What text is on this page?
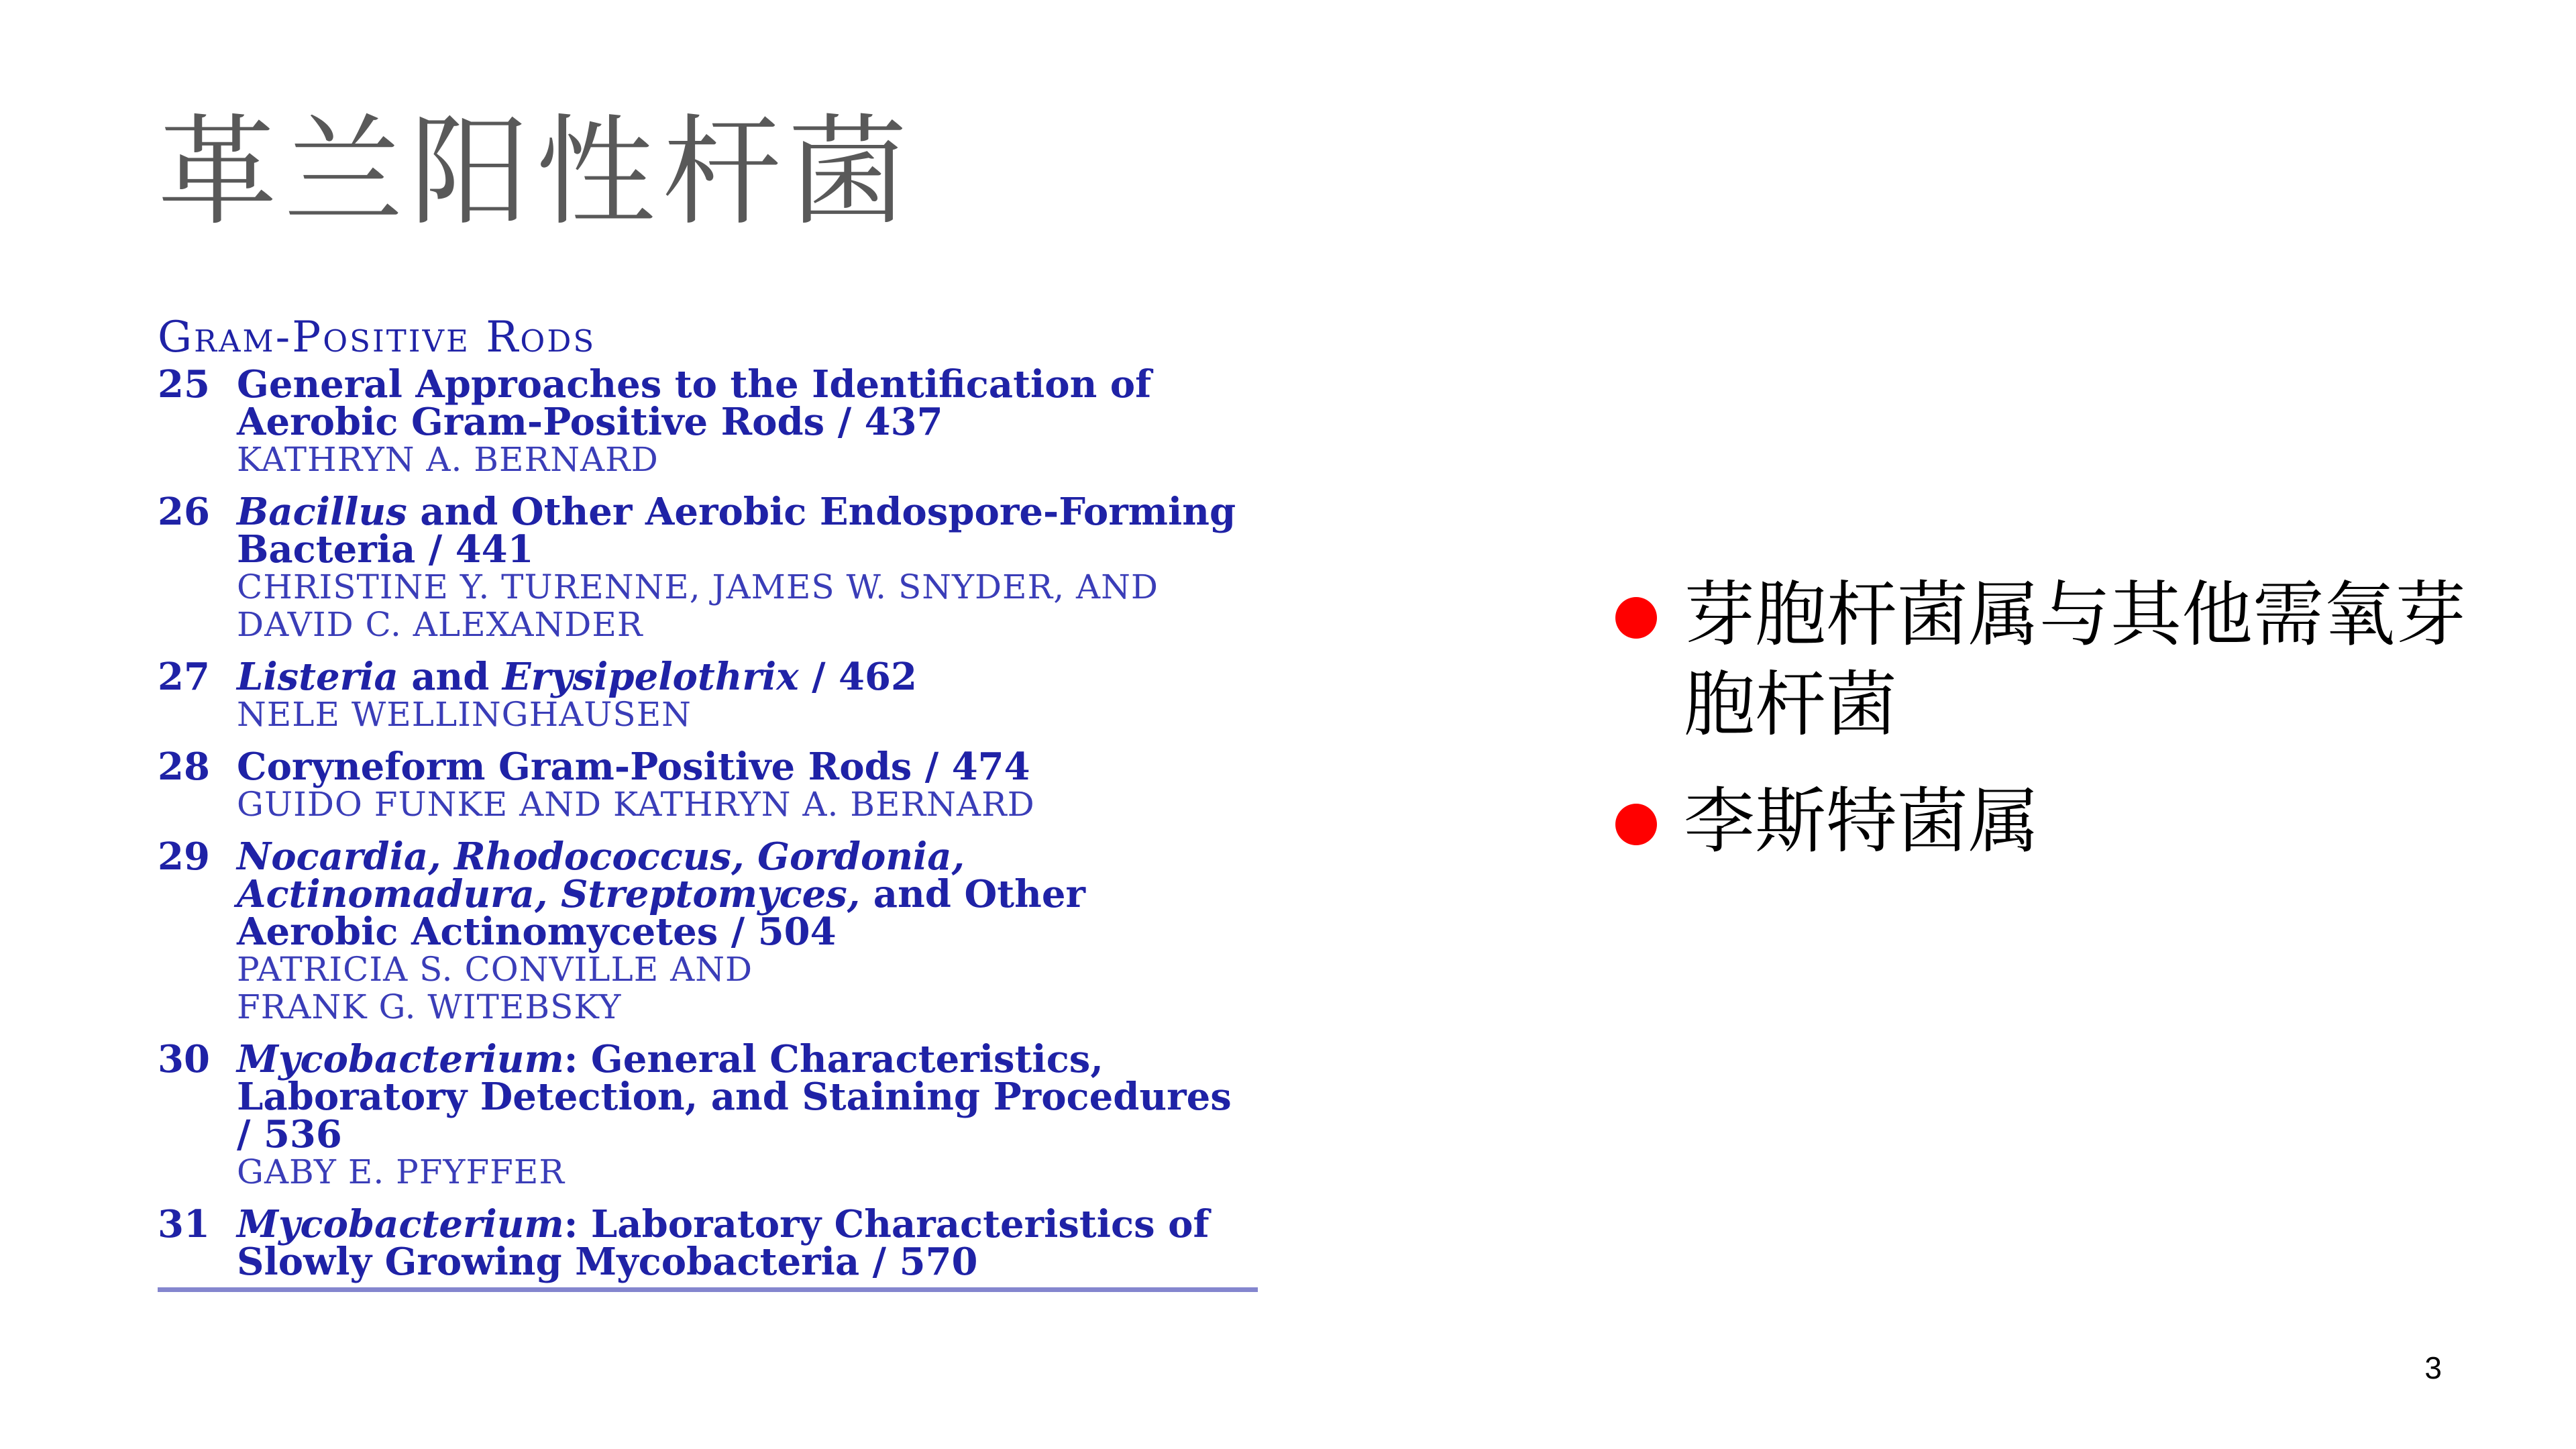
革兰阳性杆菌
Gram-Positive Rods
25 General Approaches to the Identification of Aerobic Gram-Positive Rods / 437
KATHRYN A. BERNARD
26 Bacillus and Other Aerobic Endospore-Forming Bacteria / 441
CHRISTINE Y. TURENNE, JAMES W. SNYDER, AND
DAVID C. ALEXANDER
27 Listeria and Erysipelothrix / 462
NELE WELLINGHAUSEN
28 Coryneform Gram-Positive Rods / 474
GUIDO FUNKE AND KATHRYN A. BERNARD
29 Nocardia, Rhodococcus, Gordonia, Actinomadura, Streptomyces, and Other Aerobic Actinomycetes / 504
PATRICIA S. CONVILLE AND
FRANK G. WITEBSKY
30 Mycobacterium: General Characteristics, Laboratory Detection, and Staining Procedures / 536
GABY E. PFYFFER
31 Mycobacterium: Laboratory Characteristics of Slowly Growing Mycobacteria / 570
芽胞杆菌属与其他需氧芽胞杆菌
李斯特菌属
3
